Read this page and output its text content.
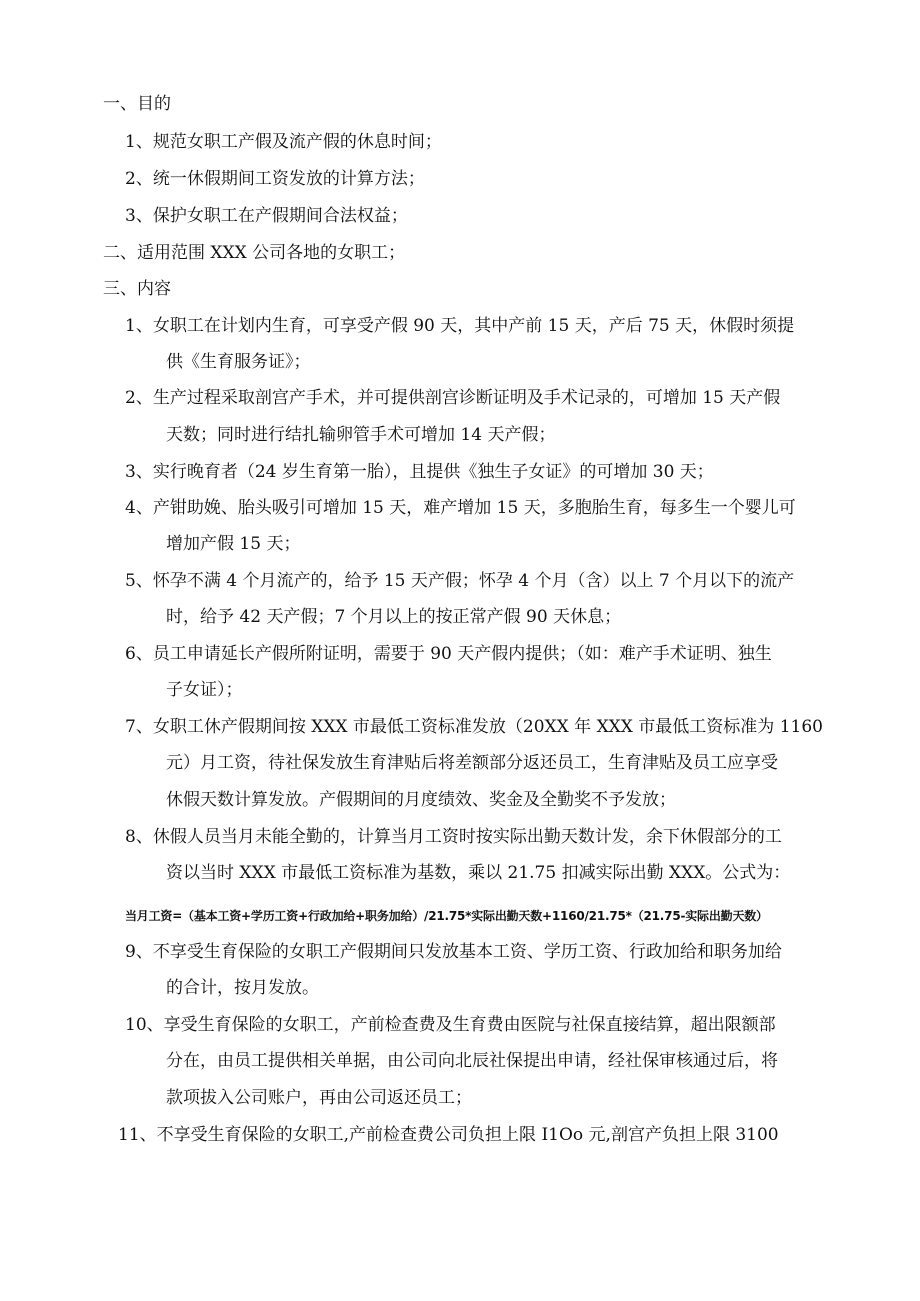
一、目的
1、规范女职工产假及流产假的休息时间；
2、统一休假期间工资发放的计算方法；
3、保护女职工在产假期间合法权益；
二、适用范围 XXX 公司各地的女职工；
三、内容
1、女职工在计划内生育，可享受产假 90 天，其中产前 15 天，产后 75 天，休假时须提
供《生育服务证》；
2、生产过程采取剖宫产手术，并可提供剖宫诊断证明及手术记录的，可增加 15 天产假
天数；同时进行结扎输卵管手术可增加 14 天产假；
3、实行晚育者（24 岁生育第一胎），且提供《独生子女证》的可增加 30 天；
4、产钳助娩、胎头吸引可增加 15 天，难产增加 15 天，多胞胎生育，每多生一个婴儿可
增加产假 15 天；
5、怀孕不满 4 个月流产的，给予 15 天产假；怀孕 4 个月（含）以上 7 个月以下的流产
时，给予 42 天产假；7 个月以上的按正常产假 90 天休息；
6、员工申请延长产假所附证明，需要于 90 天产假内提供；（如：难产手术证明、独生
子女证）；
7、女职工休产假期间按 XXX 市最低工资标准发放（20XX 年 XXX 市最低工资标准为 1160
元）月工资，待社保发放生育津贴后将差额部分返还员工，生育津贴及员工应享受
休假天数计算发放。产假期间的月度绩效、奖金及全勤奖不予发放；
8、休假人员当月未能全勤的，计算当月工资时按实际出勤天数计发，余下休假部分的工
资以当时 XXX 市最低工资标准为基数，乘以 21.75 扣减实际出勤 XXX。公式为：
当月工资=（基本工资+学历工资+行政加给+职务加给）/21.75*实际出勤天数+1160/21.75*（21.75-实际出勤天数）
9、不享受生育保险的女职工产假期间只发放基本工资、学历工资、行政加给和职务加给
的合计，按月发放。
10、享受生育保险的女职工，产前检查费及生育费由医院与社保直接结算，超出限额部
分在，由员工提供相关单据，由公司向北辰社保提出申请，经社保审核通过后，将
款项拔入公司账户，再由公司返还员工；
11、不享受生育保险的女职工,产前检查费公司负担上限 I1Oo 元,剖宫产负担上限 3100
